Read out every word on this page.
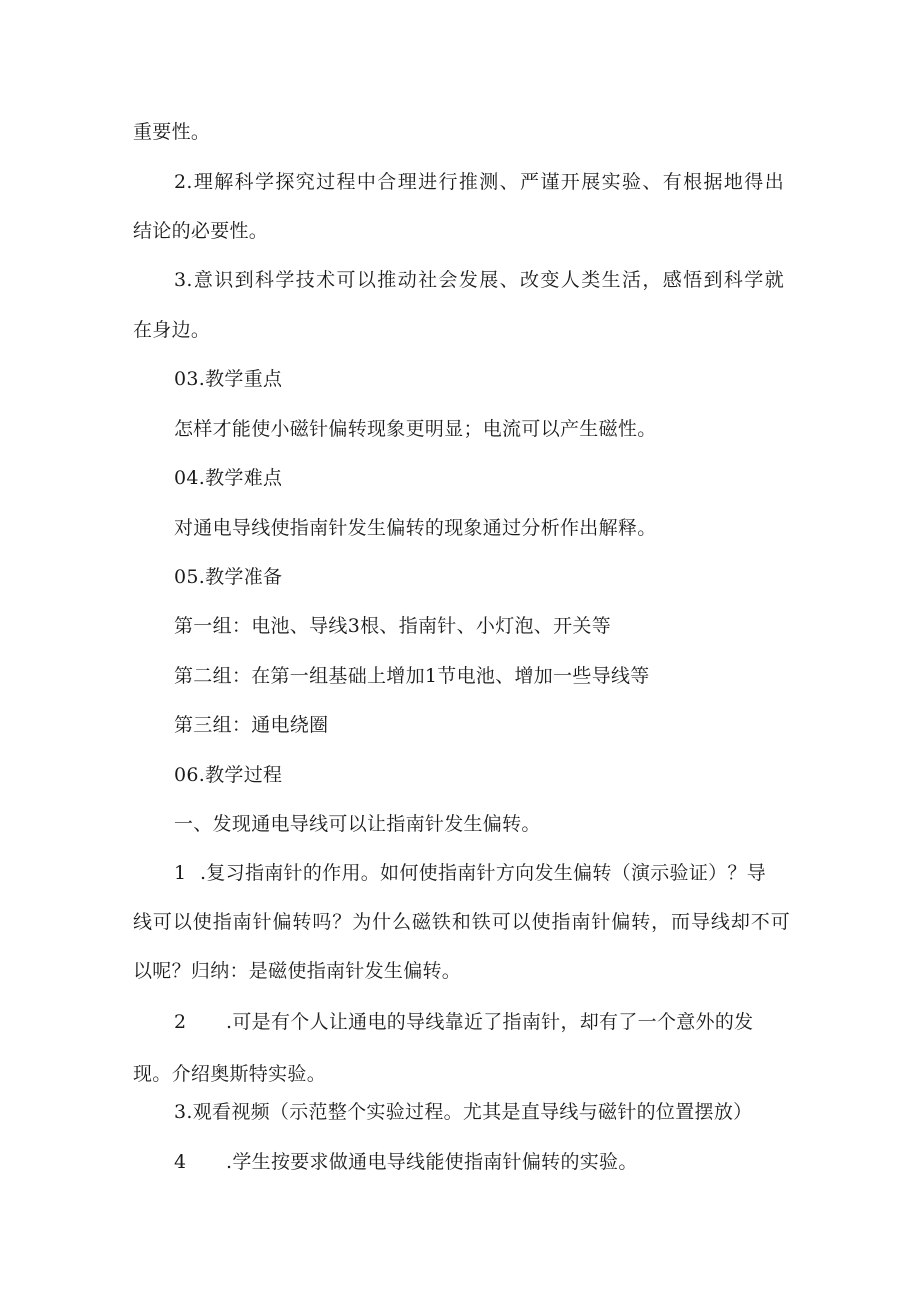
重要性。
2.理解科学探究过程中合理进行推测、严谨开展实验、有根据地得出
结论的必要性。
3.意识到科学技术可以推动社会发展、改变人类生活，感悟到科学就
在身边。
03.教学重点
怎样才能使小磁针偏转现象更明显；电流可以产生磁性。
04.教学难点
对通电导线使指南针发生偏转的现象通过分析作出解释。
05.教学准备
第一组：电池、导线3根、指南针、小灯泡、开关等
第二组：在第一组基础上增加1节电池、增加一些导线等
第三组：通电绕圈
06.教学过程
一、发现通电导线可以让指南针发生偏转。
1 .复习指南针的作用。如何使指南针方向发生偏转（演示验证）？导
线可以使指南针偏转吗？为什么磁铁和铁可以使指南针偏转，而导线却不可
以呢？归纳：是磁使指南针发生偏转。
2 .可是有个人让通电的导线靠近了指南针，却有了一个意外的发
现。介绍奥斯特实验。
3.观看视频（示范整个实验过程。尤其是直导线与磁针的位置摆放）
4 .学生按要求做通电导线能使指南针偏转的实验。
